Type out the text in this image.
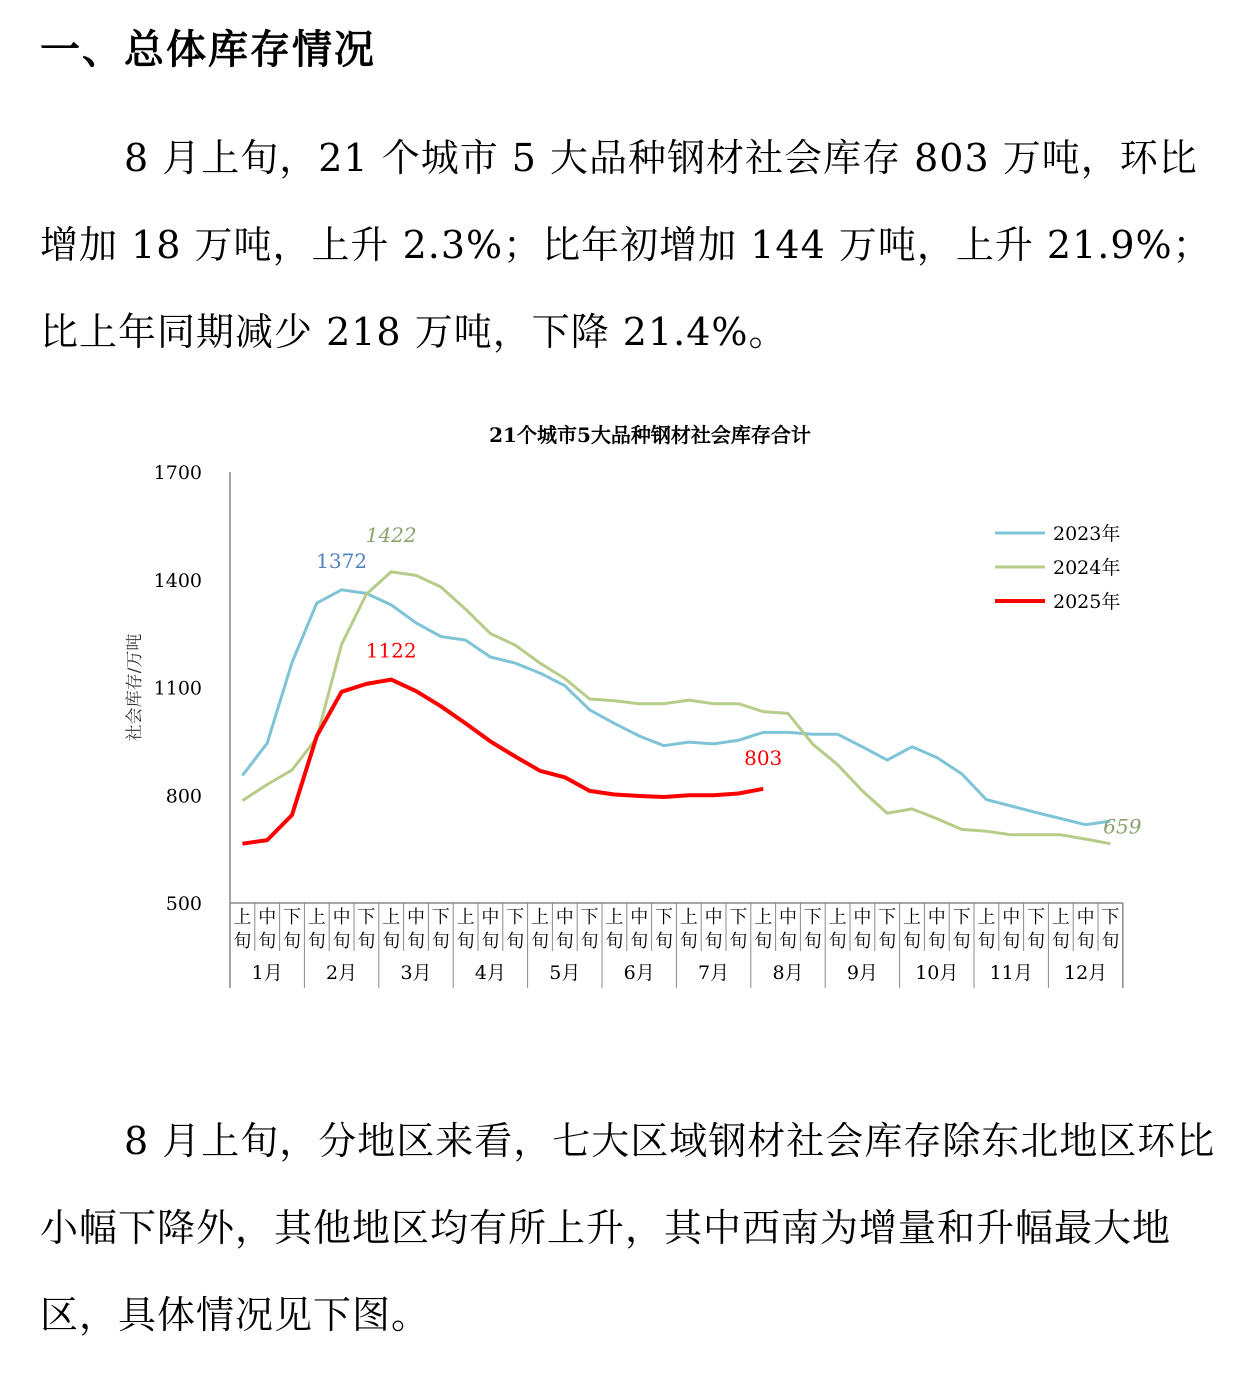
一、总体库存情况
8 月上旬，21 个城市 5 大品种钢材社会库存 803 万吨，环比增加 18 万吨，上升 2.3%；比年初增加 144 万吨，上升 21.9%；比上年同期减少 218 万吨，下降 21.4%。
21个城市5大品种钢材社会库存合计
500
800
1100
1400
1700
社会库存/万吨
上
旬
中
旬
下
旬
上
旬
中
旬
下
旬
上
旬
中
旬
下
旬
上
旬
中
旬
下
旬
上
旬
中
旬
下
旬
上
旬
中
旬
下
旬
上
旬
中
旬
下
旬
上
旬
中
旬
下
旬
上
旬
中
旬
下
旬
上
旬
中
旬
下
旬
上
旬
中
旬
下
旬
上
旬
中
旬
下
旬
1月 2月 3月 4月 5月 6月 7月 8月 9月 10月 11月 12月
1372
1422
1122
803
659
2023年
2024年
2025年
8 月上旬，分地区来看，七大区域钢材社会库存除东北地区环比小幅下降外，其他地区均有所上升，其中西南为增量和升幅最大地区，具体情况见下图。
